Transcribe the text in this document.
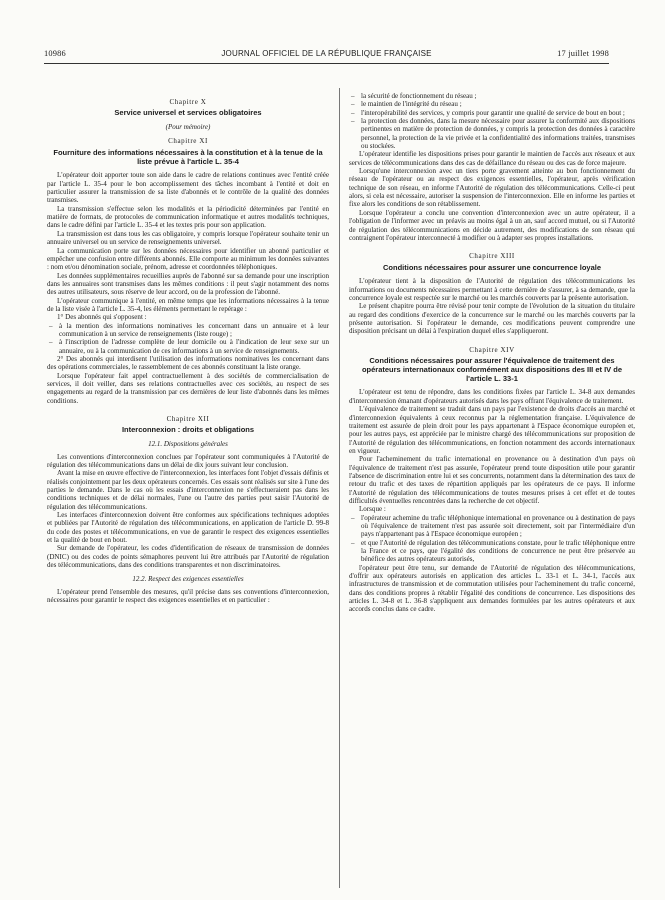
10986	JOURNAL OFFICIEL DE LA RÉPUBLIQUE FRANÇAISE	17 juillet 1998
Chapitre X
Service universel et services obligatoires
(Pour mémoire)
Chapitre XI
Fourniture des informations nécessaires à la constitution et à la tenue de la liste prévue à l'article L. 35-4

L'opérateur doit apporter toute son aide dans le cadre de relations continues avec l'entité créée par l'article L. 35-4 pour le bon accomplissement des tâches incombant à l'entité et doit en particulier assurer la transmission de sa liste d'abonnés et le contrôle de la qualité des données transmises.

La transmission s'effectue selon les modalités et la périodicité déterminées par l'entité en matière de formats, de protocoles de communication informatique et autres modalités techniques, dans le cadre défini par l'article L. 35-4 et les textes pris pour son application.

La transmission est dans tous les cas obligatoire, y compris lorsque l'opérateur souhaite tenir un annuaire universel ou un service de renseignements universel.

La communication porte sur les données nécessaires pour identifier un abonné particulier et empêcher une confusion entre différents abonnés. Elle comporte au minimum les données suivantes : nom et/ou dénomination sociale, prénom, adresse et coordonnées téléphoniques.

Les données supplémentaires recueillies auprès de l'abonné sur sa demande pour une inscription dans les annuaires sont transmises dans les mêmes conditions : il peut s'agir notamment des noms des autres utilisateurs, sous réserve de leur accord, ou de la profession de l'abonné.

L'opérateur communique à l'entité, en même temps que les informations nécessaires à la tenue de la liste visée à l'article L. 35-4, les éléments permettant le repérage :

1° Des abonnés qui s'opposent :

– à la mention des informations nominatives les concernant dans un annuaire et à leur communication à un service de renseignements (liste rouge) ;

– à l'inscription de l'adresse complète de leur domicile ou à l'indication de leur sexe sur un annuaire, ou à la communication de ces informations à un service de renseignements.

2° Des abonnés qui interdisent l'utilisation des informations nominatives les concernant dans des opérations commerciales, le rassemblement de ces abonnés constituant la liste orange.

Lorsque l'opérateur fait appel contractuellement à des sociétés de commercialisation de services, il doit veiller, dans ses relations contractuelles avec ces sociétés, au respect de ses engagements au regard de la transmission par ces dernières de leur liste d'abonnés dans les mêmes conditions.

Chapitre XII
Interconnexion : droits et obligations
12.1. Dispositions générales

Les conventions d'interconnexion conclues par l'opérateur sont communiquées à l'Autorité de régulation des télécommunications dans un délai de dix jours suivant leur conclusion.

Avant la mise en œuvre effective de l'interconnexion, les interfaces font l'objet d'essais définis et réalisés conjointement par les deux opérateurs concernés. Ces essais sont réalisés sur site à l'une des parties le demande. Dans le cas où les essais d'interconnexion ne s'effectueraient pas dans les conditions techniques et de délai normales, l'une ou l'autre des parties peut saisir l'Autorité de régulation des télécommunications.

Les interfaces d'interconnexion doivent être conformes aux spécifications techniques adoptées et publiées par l'Autorité de régulation des télécommunications, en application de l'article D. 99-8 du code des postes et télécommunications, en vue de garantir le respect des exigences essentielles et la qualité de bout en bout.

Sur demande de l'opérateur, les codes d'identification de réseaux de transmission de données (DNIC) ou des codes de points sémaphores peuvent lui être attribués par l'Autorité de régulation des télécommunications, dans des conditions transparentes et non discriminatoires.

12.2. Respect des exigences essentielles

L'opérateur prend l'ensemble des mesures, qu'il précise dans ses conventions d'interconnexion, nécessaires pour garantir le respect des exigences essentielles et en particulier :

– la sécurité de fonctionnement du réseau ;

– le maintien de l'intégrité du réseau ;

– l'interopérabilité des services, y compris pour garantir une qualité de service de bout en bout ;

– la protection des données, dans la mesure nécessaire pour assurer la conformité aux dispositions pertinentes en matière de protection de données, y compris la protection des données à caractère personnel, la protection de la vie privée et la confidentialité des informations traitées, transmises ou stockées.

L'opérateur identifie les dispositions prises pour garantir le maintien de l'accès aux réseaux et aux services de télécommunications dans des cas de défaillance du réseau ou des cas de force majeure.

Lorsqu'une interconnexion avec un tiers porte gravement atteinte au bon fonctionnement du réseau de l'opérateur ou au respect des exigences essentielles, l'opérateur, après vérification technique de son réseau, en informe l'Autorité de régulation des télécommunications. Celle-ci peut alors, si cela est nécessaire, autoriser la suspension de l'interconnexion. Elle en informe les parties et fixe alors les conditions de son rétablissement.

Lorsque l'opérateur a conclu une convention d'interconnexion avec un autre opérateur, il a l'obligation de l'informer avec un préavis au moins égal à un an, sauf accord mutuel, ou si l'Autorité de régulation des télécommunications en décide autrement, des modifications de son réseau qui contraignent l'opérateur interconnecté à modifier ou à adapter ses propres installations.

Chapitre XIII
Conditions nécessaires pour assurer une concurrence loyale

L'opérateur tient à la disposition de l'Autorité de régulation des télécommunications les informations ou documents nécessaires permettant à cette dernière de s'assurer, à sa demande, que la concurrence loyale est respectée sur le marché ou les marchés couverts par la présente autorisation.

Le présent chapitre pourra être révisé pour tenir compte de l'évolution de la situation du titulaire au regard des conditions d'exercice de la concurrence sur le marché ou les marchés couverts par la présente autorisation. Si l'opérateur le demande, ces modifications peuvent comprendre une disposition précisant un délai à l'expiration duquel elles s'appliqueront.

Chapitre XIV
Conditions nécessaires pour assurer l'équivalence de traitement des opérateurs internationaux conformément aux dispositions des III et IV de l'article L. 33-1

L'opérateur est tenu de répondre, dans les conditions fixées par l'article L. 34-8 aux demandes d'interconnexion émanant d'opérateurs autorisés dans les pays offrant l'équivalence de traitement.

L'équivalence de traitement se traduit dans un pays par l'existence de droits d'accès au marché et d'interconnexion équivalents à ceux reconnus par la réglementation française. L'équivalence de traitement est assurée de plein droit pour les pays appartenant à l'Espace économique européen et, pour les autres pays, est appréciée par le ministre chargé des télécommunications sur proposition de l'Autorité de régulation des télécommunications, en fonction notamment des accords internationaux en vigueur.

Pour l'acheminement du trafic international en provenance ou à destination d'un pays où l'équivalence de traitement n'est pas assurée, l'opérateur prend toute disposition utile pour garantir l'absence de discrimination entre lui et ses concurrents, notamment dans la détermination des taux de retour du trafic et des taxes de répartition appliqués par les opérateurs de ce pays. Il informe l'Autorité de régulation des télécommunications de toutes mesures prises à cet effet et de toutes difficultés éventuelles rencontrées dans la recherche de cet objectif.

Lorsque :

– l'opérateur achemine du trafic téléphonique international en provenance ou à destination de pays où l'équivalence de traitement n'est pas assurée soit directement, soit par l'intermédiaire d'un pays n'appartenant pas à l'Espace économique européen ;

– et que l'Autorité de régulation des télécommunications constate, pour le trafic téléphonique entre la France et ce pays, que l'égalité des conditions de concurrence ne peut être préservée au bénéfice des autres opérateurs autorisés,

l'opérateur peut être tenu, sur demande de l'Autorité de régulation des télécommunications, d'offrir aux opérateurs autorisés en application des articles L. 33-1 et L. 34-1, l'accès aux infrastructures de transmission et de commutation utilisées pour l'acheminement du trafic concerné, dans des conditions propres à rétablir l'égalité des conditions de concurrence. Les dispositions des articles L. 34-8 et L. 36-8 s'appliquent aux demandes formulées par les autres opérateurs et aux accords conclus dans ce cadre.
